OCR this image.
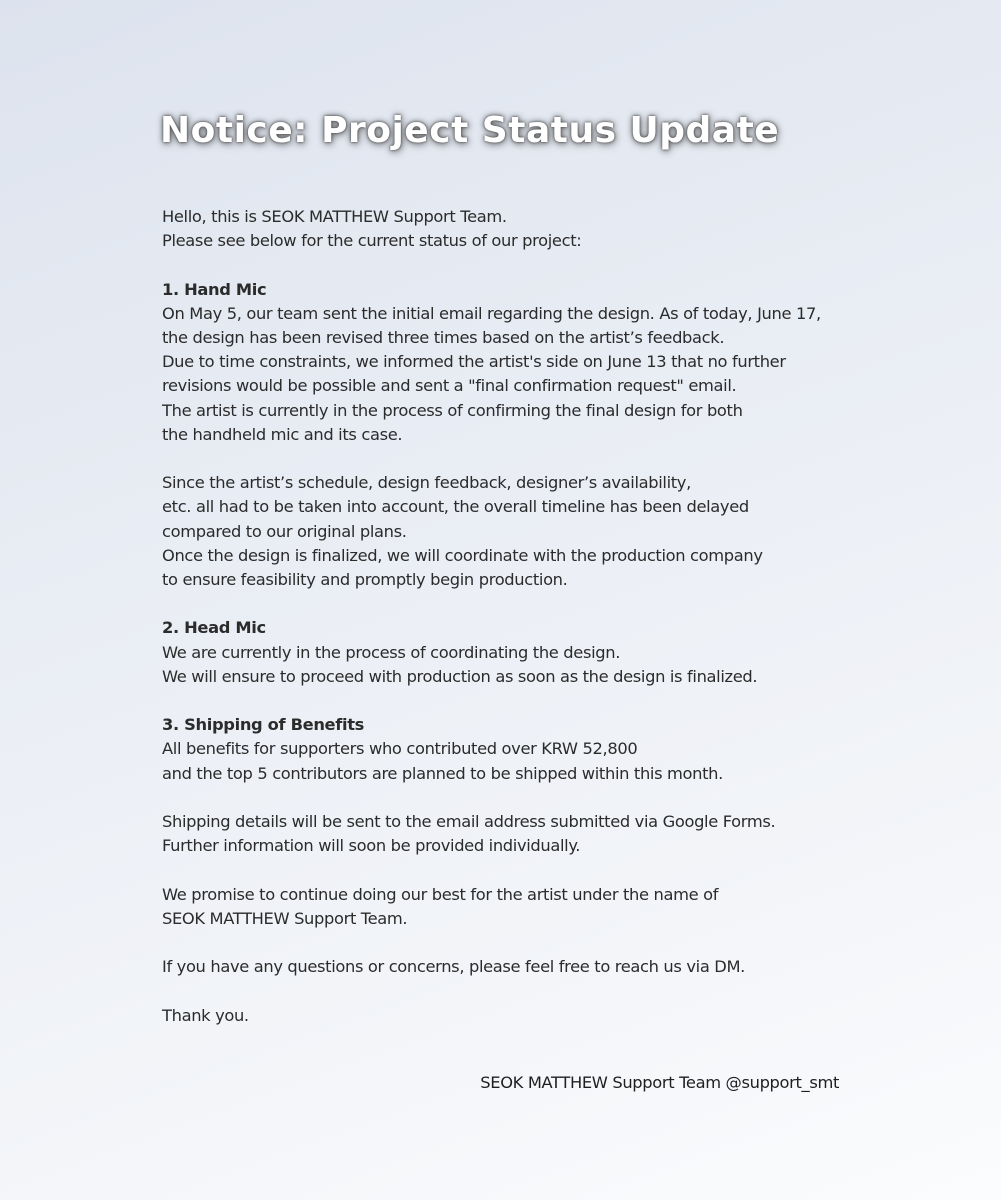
Notice: Project Status Update
Hello, this is SEOK MATTHEW Support Team.
Please see below for the current status of our project:
1. Hand Mic
On May 5, our team sent the initial email regarding the design. As of today, June 17,
the design has been revised three times based on the artist’s feedback.
Due to time constraints, we informed the artist's side on June 13 that no further
revisions would be possible and sent a "final confirmation request" email.
The artist is currently in the process of confirming the final design for both
the handheld mic and its case.
Since the artist’s schedule, design feedback, designer’s availability,
etc. all had to be taken into account, the overall timeline has been delayed
compared to our original plans.
Once the design is finalized, we will coordinate with the production company
to ensure feasibility and promptly begin production.
2. Head Mic
We are currently in the process of coordinating the design.
We will ensure to proceed with production as soon as the design is finalized.
3. Shipping of Benefits
All benefits for supporters who contributed over KRW 52,800
and the top 5 contributors are planned to be shipped within this month.
Shipping details will be sent to the email address submitted via Google Forms.
Further information will soon be provided individually.
We promise to continue doing our best for the artist under the name of
SEOK MATTHEW Support Team.
If you have any questions or concerns, please feel free to reach us via DM.
Thank you.
SEOK MATTHEW Support Team @support_smt
